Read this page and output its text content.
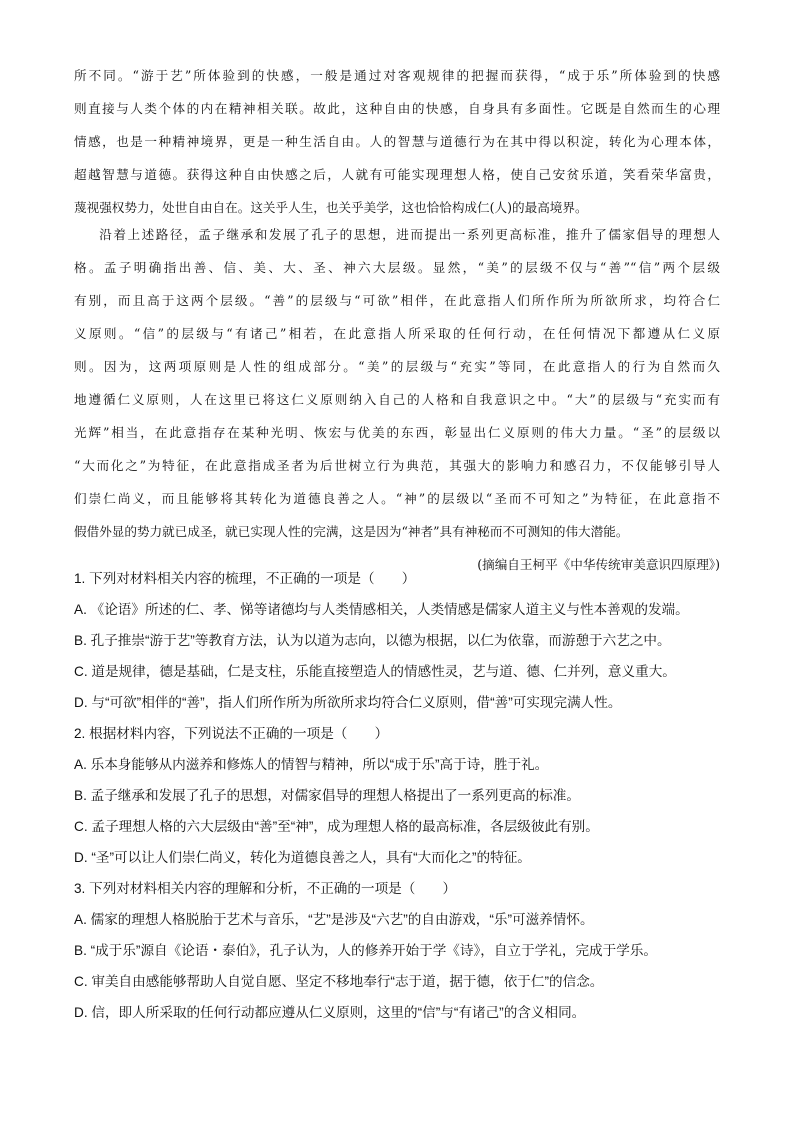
所不同。“游于艺”所体验到的快感，一般是通过对客观规律的把握而获得，“成于乐”所体验到的快感

则直接与人类个体的内在精神相关联。故此，这种自由的快感，自身具有多面性。它既是自然而生的心理

情感，也是一种精神境界，更是一种生活自由。人的智慧与道德行为在其中得以积淀，转化为心理本体，

超越智慧与道德。获得这种自由快感之后，人就有可能实现理想人格，使自己安贫乐道，笑看荣华富贵，

蔑视强权势力，处世自由自在。这关乎人生，也关乎美学，这也恰恰构成仁(人)的最高境界。

沿着上述路径，孟子继承和发展了孔子的思想，进而提出一系列更高标准，推升了儒家倡导的理想人

格。孟子明确指出善、信、美、大、圣、神六大层级。显然，“美”的层级不仅与“善”“信”两个层级

有别，而且高于这两个层级。“善”的层级与“可欲”相伴，在此意指人们所作所为所欲所求，均符合仁

义原则。“信”的层级与“有诸己”相若，在此意指人所采取的任何行动，在任何情况下都遵从仁义原

则。因为，这两项原则是人性的组成部分。“美”的层级与“充实”等同，在此意指人的行为自然而久

地遵循仁义原则，人在这里已将这仁义原则纳入自己的人格和自我意识之中。“大”的层级与“充实而有

光辉”相当，在此意指存在某种光明、恢宏与优美的东西，彰显出仁义原则的伟大力量。“圣”的层级以

“大而化之”为特征，在此意指成圣者为后世树立行为典范，其强大的影响力和感召力，不仅能够引导人

们崇仁尚义，而且能够将其转化为道德良善之人。“神”的层级以“圣而不可知之”为特征，在此意指不

假借外显的势力就已成圣，就已实现人性的完满，这是因为“神者”具有神秘而不可测知的伟大潜能。

(摘编自王柯平《中华传统审美意识四原理》)

1. 下列对材料相关内容的梳理，不正确的一项是（　　）
A. 《论语》所述的仁、孝、悌等诸德均与人类情感相关，人类情感是儒家人道主义与性本善观的发端。
B. 孔子推崇“游于艺”等教育方法，认为以道为志向，以德为根据，以仁为依靠，而游憩于六艺之中。
C. 道是规律，德是基础，仁是支柱，乐能直接塑造人的情感性灵，艺与道、德、仁并列，意义重大。
D. 与“可欲”相伴的“善”，指人们所作所为所欲所求均符合仁义原则，借“善”可实现完满人性。
2. 根据材料内容，下列说法不正确的一项是（　　）
A. 乐本身能够从内滋养和修炼人的情智与精神，所以“成于乐”高于诗，胜于礼。
B. 孟子继承和发展了孔子的思想，对儒家倡导的理想人格提出了一系列更高的标准。
C. 孟子理想人格的六大层级由“善”至“神”，成为理想人格的最高标准，各层级彼此有别。
D. “圣”可以让人们崇仁尚义，转化为道德良善之人，具有“大而化之”的特征。
3. 下列对材料相关内容的理解和分析，不正确的一项是（　　）
A. 儒家的理想人格脱胎于艺术与音乐，“艺”是涉及“六艺”的自由游戏，“乐”可滋养情怀。
B. “成于乐”源自《论语・泰伯》，孔子认为，人的修养开始于学《诗》，自立于学礼，完成于学乐。
C. 审美自由感能够帮助人自觉自愿、坚定不移地奉行“志于道，据于德，依于仁”的信念。
D. 信，即人所采取的任何行动都应遵从仁义原则，这里的“信”与“有诸己”的含义相同。
